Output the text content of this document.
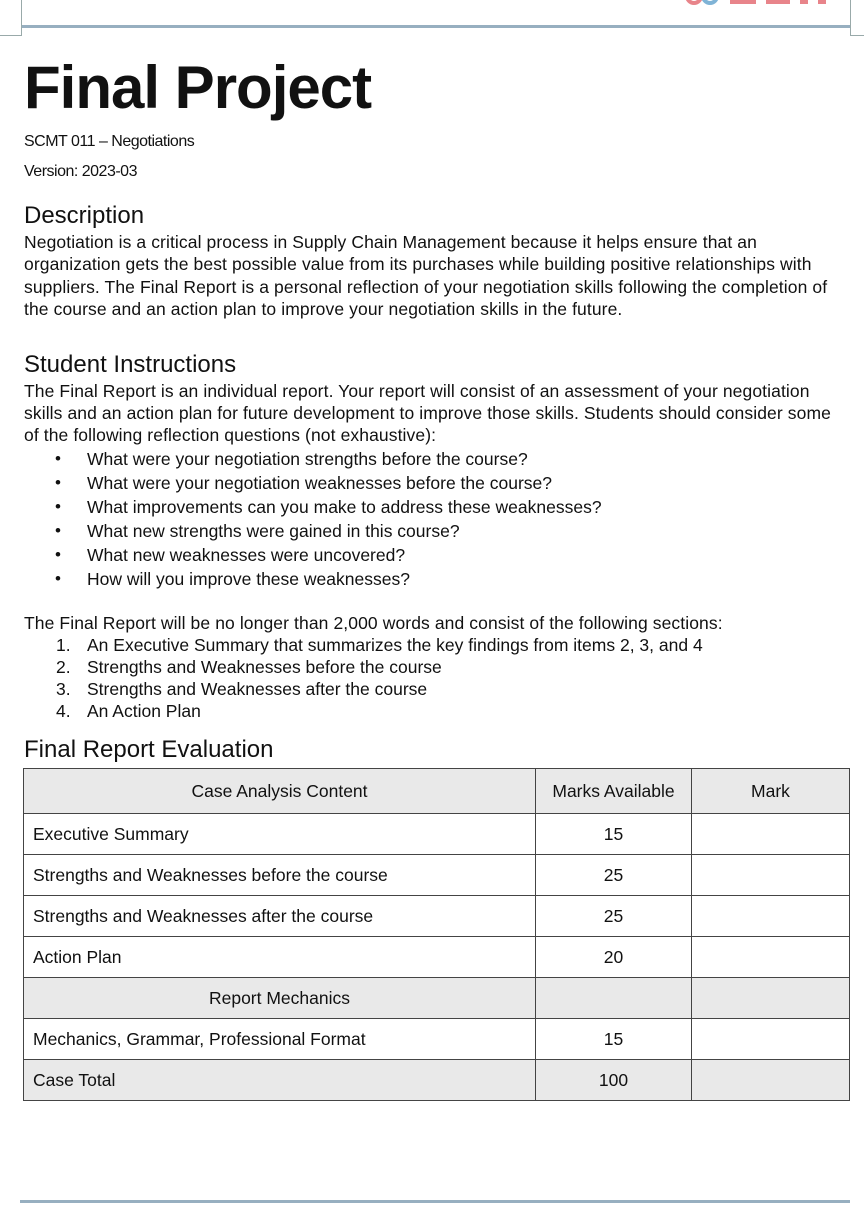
Final Project
SCMT 011 – Negotiations
Version: 2023-03
Description

Negotiation is a critical process in Supply Chain Management because it helps ensure that an organization gets the best possible value from its purchases while building positive relationships with suppliers. The Final Report is a personal reflection of your negotiation skills following the completion of the course and an action plan to improve your negotiation skills in the future.

Student Instructions

The Final Report is an individual report. Your report will consist of an assessment of your negotiation skills and an action plan for future development to improve those skills. Students should consider some of the following reflection questions (not exhaustive):

• What were your negotiation strengths before the course?
• What were your negotiation weaknesses before the course?
• What improvements can you make to address these weaknesses?
• What new strengths were gained in this course?
• What new weaknesses were uncovered?
• How will you improve these weaknesses?

The Final Report will be no longer than 2,000 words and consist of the following sections:

1. An Executive Summary that summarizes the key findings from items 2, 3, and 4
2. Strengths and Weaknesses before the course
3. Strengths and Weaknesses after the course
4. An Action Plan
Final Report Evaluation
Case Analysis Content	Marks Available	Mark
Executive Summary	15	
Strengths and Weaknesses before the course	25	
Strengths and Weaknesses after the course	25	
Action Plan	20	
Report Mechanics		
Mechanics, Grammar, Professional Format	15	
Case Total	100	
